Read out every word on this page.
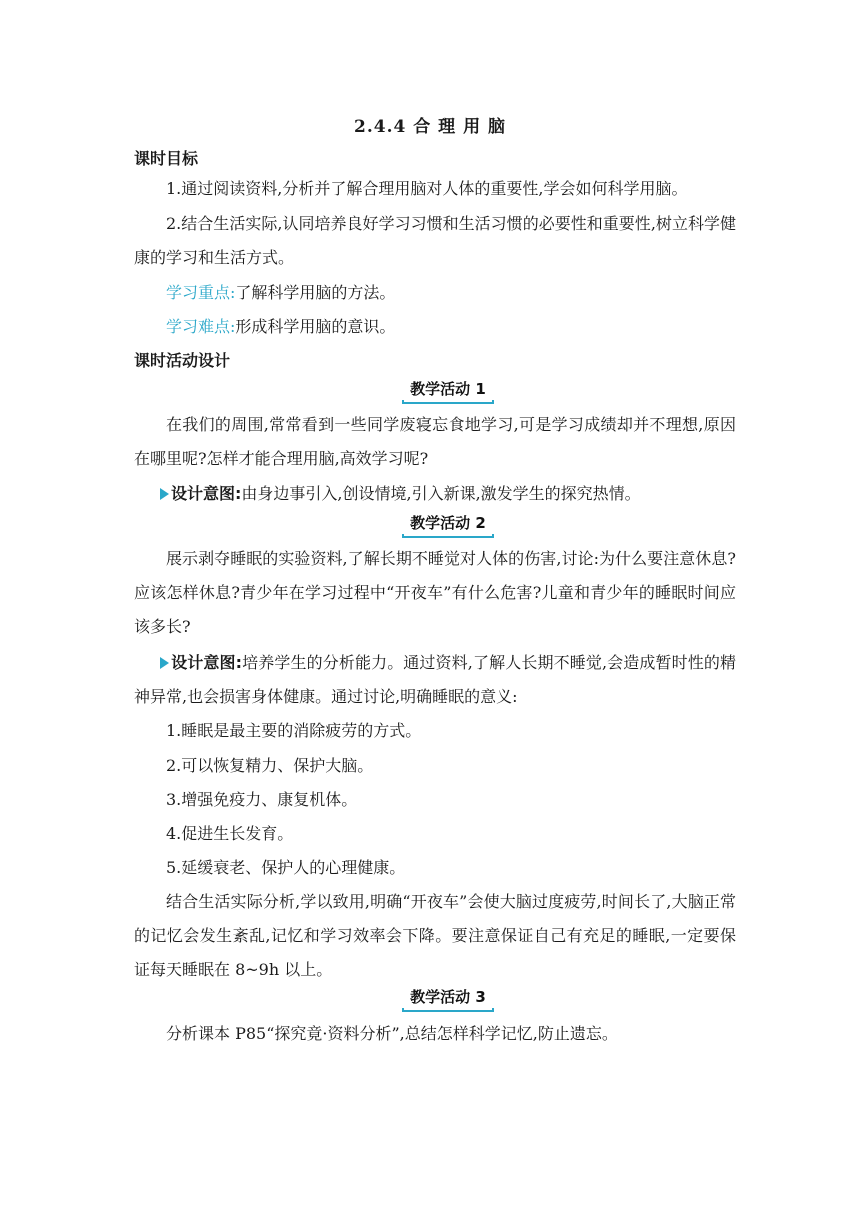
2.4.4 合 理 用 脑
课时目标

1.通过阅读资料,分析并了解合理用脑对人体的重要性,学会如何科学用脑。

2.结合生活实际,认同培养良好学习习惯和生活习惯的必要性和重要性,树立科学健康的学习和生活方式。

学习重点:了解科学用脑的方法。

学习难点:形成科学用脑的意识。

课时活动设计
教学活动 1

在我们的周围,常常看到一些同学废寝忘食地学习,可是学习成绩却并不理想,原因在哪里呢?怎样才能合理用脑,高效学习呢?

设计意图:由身边事引入,创设情境,引入新课,激发学生的探究热情。

教学活动 2

展示剥夺睡眠的实验资料,了解长期不睡觉对人体的伤害,讨论:为什么要注意休息?应该怎样休息?青少年在学习过程中“开夜车”有什么危害?儿童和青少年的睡眠时间应该多长?

设计意图:培养学生的分析能力。通过资料,了解人长期不睡觉,会造成暂时性的精神异常,也会损害身体健康。通过讨论,明确睡眠的意义:

1.睡眠是最主要的消除疲劳的方式。

2.可以恢复精力、保护大脑。

3.增强免疫力、康复机体。

4.促进生长发育。

5.延缓衰老、保护人的心理健康。

结合生活实际分析,学以致用,明确“开夜车”会使大脑过度疲劳,时间长了,大脑正常的记忆会发生紊乱,记忆和学习效率会下降。要注意保证自己有充足的睡眠,一定要保证每天睡眠在 8~9h 以上。

教学活动 3

分析课本 P85“探究竟·资料分析”,总结怎样科学记忆,防止遗忘。
